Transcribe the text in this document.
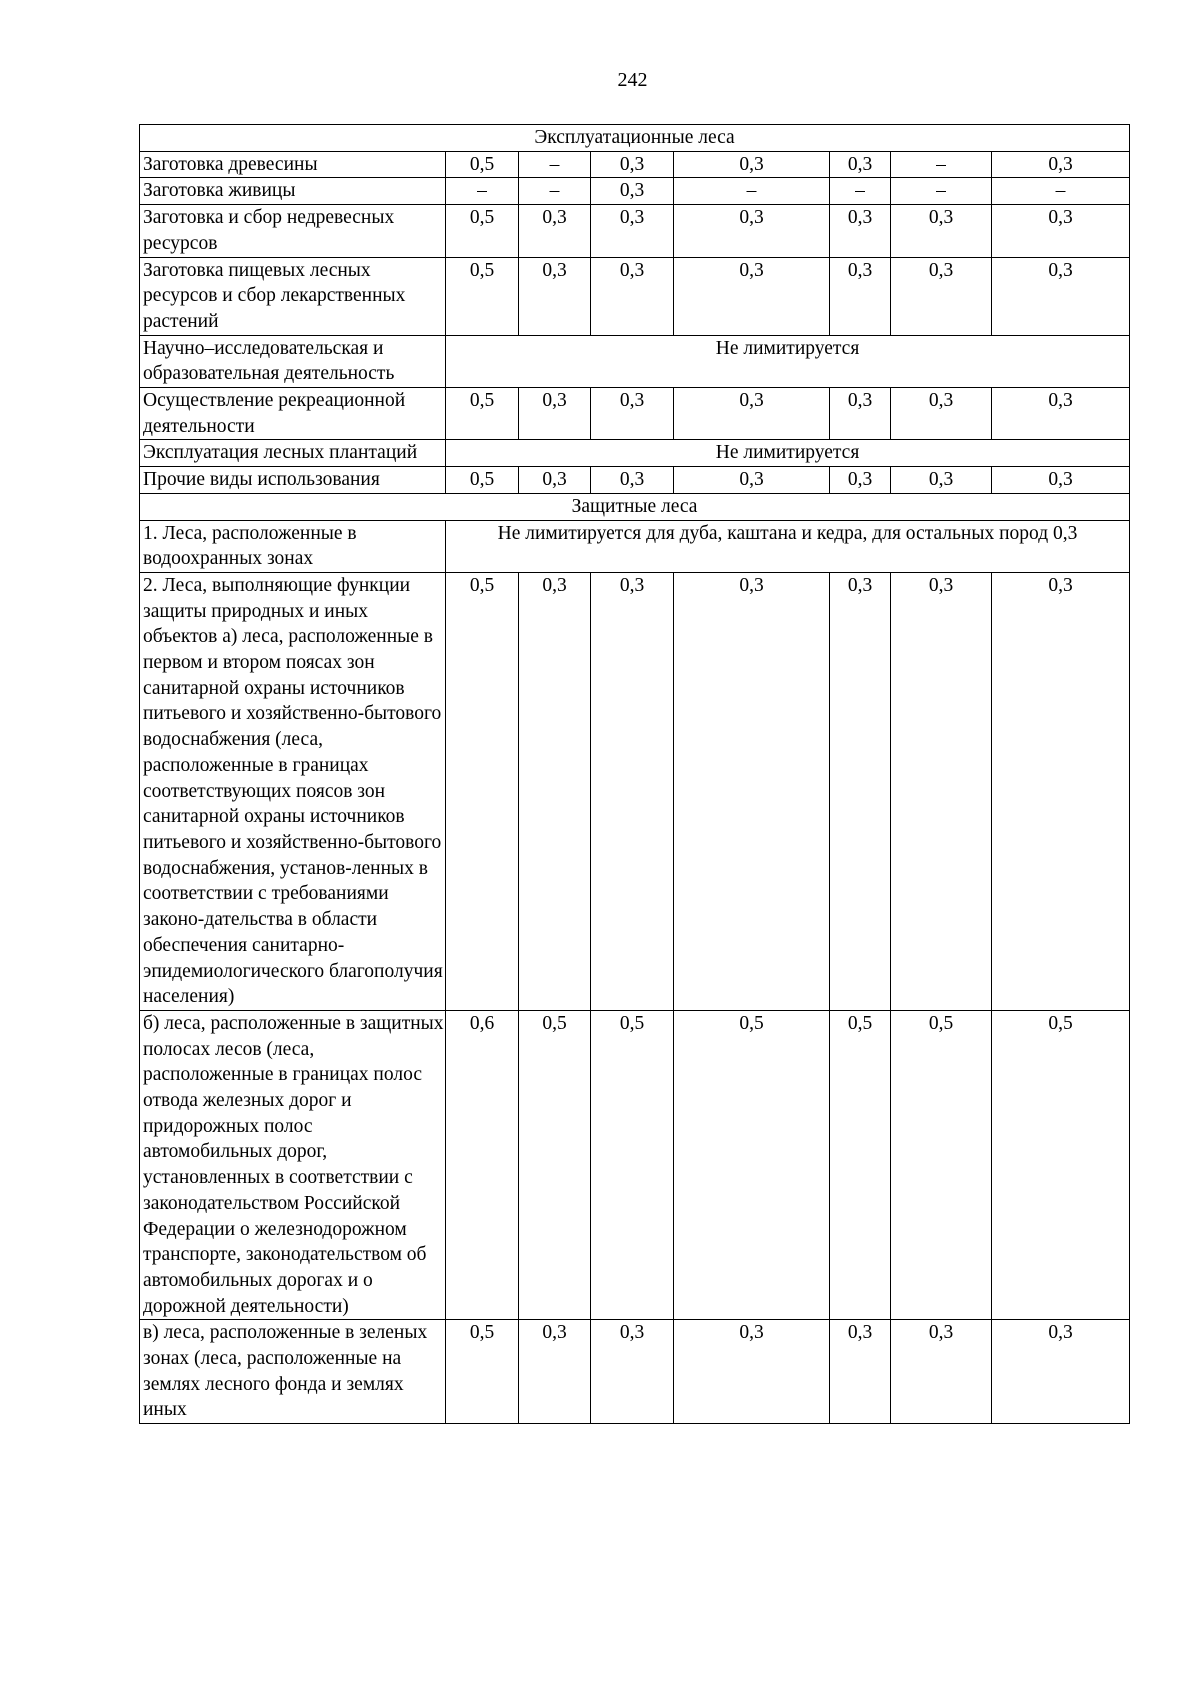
242
Эксплуатационные леса							
Заготовка древесины	0,5	–	0,3	0,3	0,3	–	0,3
Заготовка живицы	–	–	0,3	–	–	–	–
Заготовка и сбор недревесных ресурсов	0,5	0,3	0,3	0,3	0,3	0,3	0,3
Заготовка пищевых лесных ресурсов и сбор лекарственных растений	0,5	0,3	0,3	0,3	0,3	0,3	0,3
Научно–исследовательская и образовательная деятельность	Не лимитируется						
Осуществление рекреационной деятельности	0,5	0,3	0,3	0,3	0,3	0,3	0,3
Эксплуатация лесных плантаций	Не лимитируется						
Прочие виды использования	0,5	0,3	0,3	0,3	0,3	0,3	0,3
Защитные леса							
1. Леса, расположенные в водоохранных зонах	Не лимитируется для дуба, каштана и кедра, для остальных пород 0,3						
2. Леса, выполняющие функции защиты природных и иных объектов а) леса, расположенные в первом и втором поясах зон санитарной охраны источников питьевого и хозяйственно-бытового водоснабжения (леса, расположенные в границах соответствующих поясов зон санитарной охраны источников питьевого и хозяйственно-бытового водоснабжения, установ-ленных в соответствии с требованиями законо-дательства в области обеспечения санитарно-эпидемиологического благополучия населения)	0,5	0,3	0,3	0,3	0,3	0,3	0,3
б) леса, расположенные в защитных полосах лесов (леса, расположенные в границах полос отвода железных дорог и придорожных полос автомобильных дорог, установленных в соответствии с законодательством Российской Федерации о железнодорожном транспорте, законодательством об автомобильных дорогах и о дорожной деятельности)	0,6	0,5	0,5	0,5	0,5	0,5	0,5
в) леса, расположенные в зеленых зонах (леса, расположенные на землях лесного фонда и землях иных	0,5	0,3	0,3	0,3	0,3	0,3	0,3
